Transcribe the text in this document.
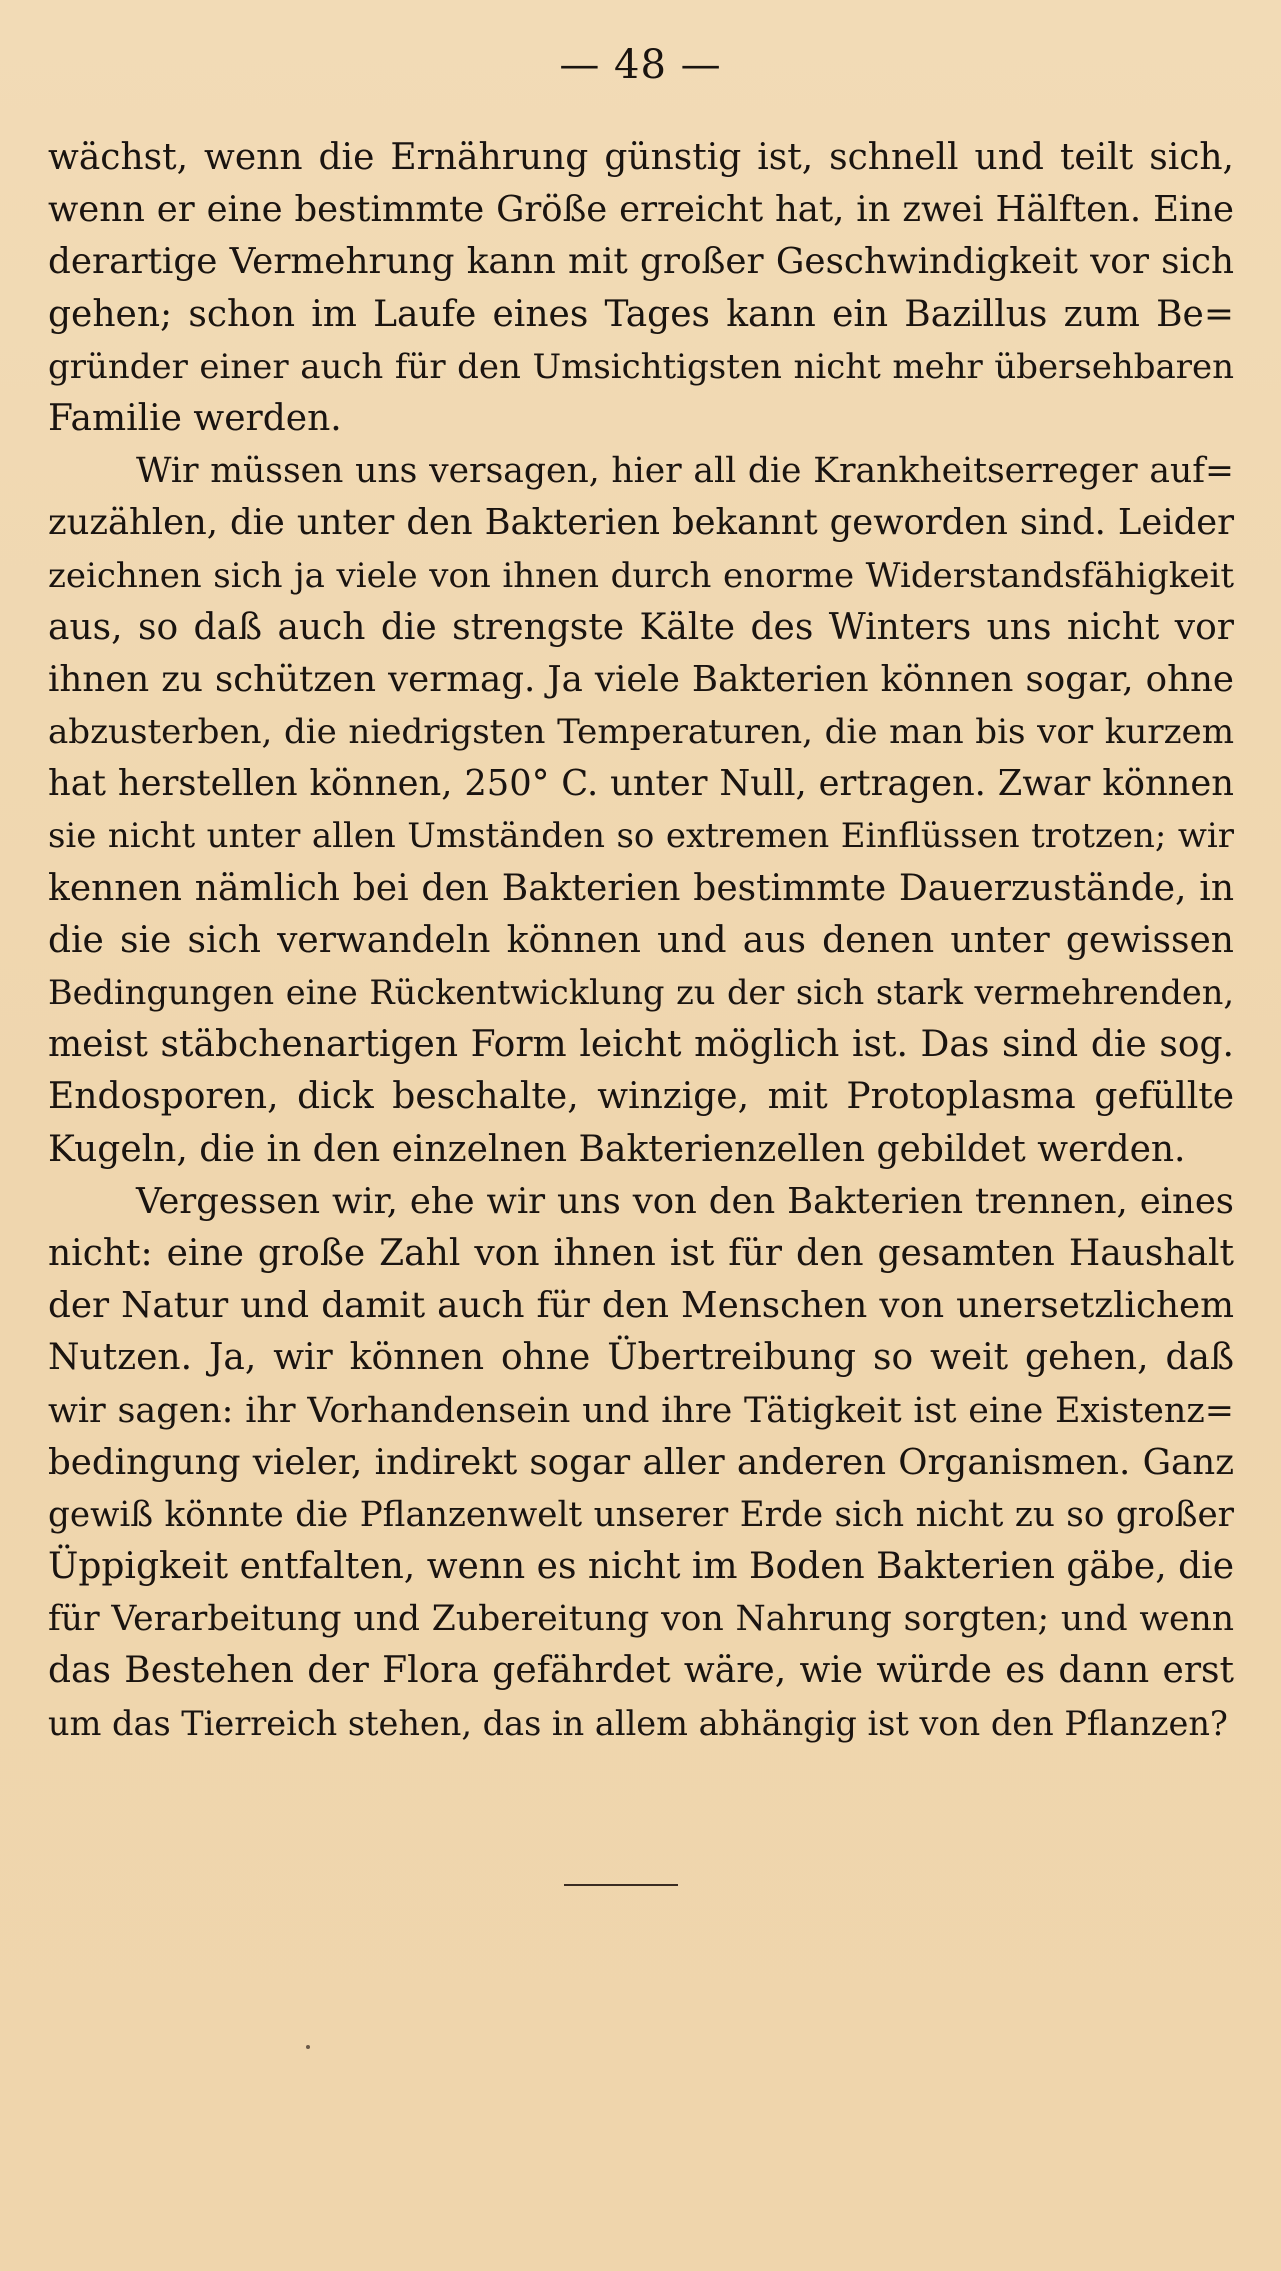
— 48 —
wächst, wenn die Ernährung günstig ist, schnell und teilt sich,
wenn er eine bestimmte Größe erreicht hat, in zwei Hälften. Eine
derartige Vermehrung kann mit großer Geschwindigkeit vor sich
gehen; schon im Laufe eines Tages kann ein Bazillus zum Be=
gründer einer auch für den Umsichtigsten nicht mehr übersehbaren
Familie werden.
Wir müssen uns versagen, hier all die Krankheitserreger auf=
zuzählen, die unter den Bakterien bekannt geworden sind. Leider
zeichnen sich ja viele von ihnen durch enorme Widerstandsfähigkeit
aus, so daß auch die strengste Kälte des Winters uns nicht vor
ihnen zu schützen vermag. Ja viele Bakterien können sogar, ohne
abzusterben, die niedrigsten Temperaturen, die man bis vor kurzem
hat herstellen können, 250° C. unter Null, ertragen. Zwar können
sie nicht unter allen Umständen so extremen Einflüssen trotzen; wir
kennen nämlich bei den Bakterien bestimmte Dauerzustände, in
die sie sich verwandeln können und aus denen unter gewissen
Bedingungen eine Rückentwicklung zu der sich stark vermehrenden,
meist stäbchenartigen Form leicht möglich ist. Das sind die sog.
Endosporen, dick beschalte, winzige, mit Protoplasma gefüllte
Kugeln, die in den einzelnen Bakterienzellen gebildet werden.
Vergessen wir, ehe wir uns von den Bakterien trennen, eines
nicht: eine große Zahl von ihnen ist für den gesamten Haushalt
der Natur und damit auch für den Menschen von unersetzlichem
Nutzen. Ja, wir können ohne Übertreibung so weit gehen, daß
wir sagen: ihr Vorhandensein und ihre Tätigkeit ist eine Existenz=
bedingung vieler, indirekt sogar aller anderen Organismen. Ganz
gewiß könnte die Pflanzenwelt unserer Erde sich nicht zu so großer
Üppigkeit entfalten, wenn es nicht im Boden Bakterien gäbe, die
für Verarbeitung und Zubereitung von Nahrung sorgten; und wenn
das Bestehen der Flora gefährdet wäre, wie würde es dann erst
um das Tierreich stehen, das in allem abhängig ist von den Pflanzen?
